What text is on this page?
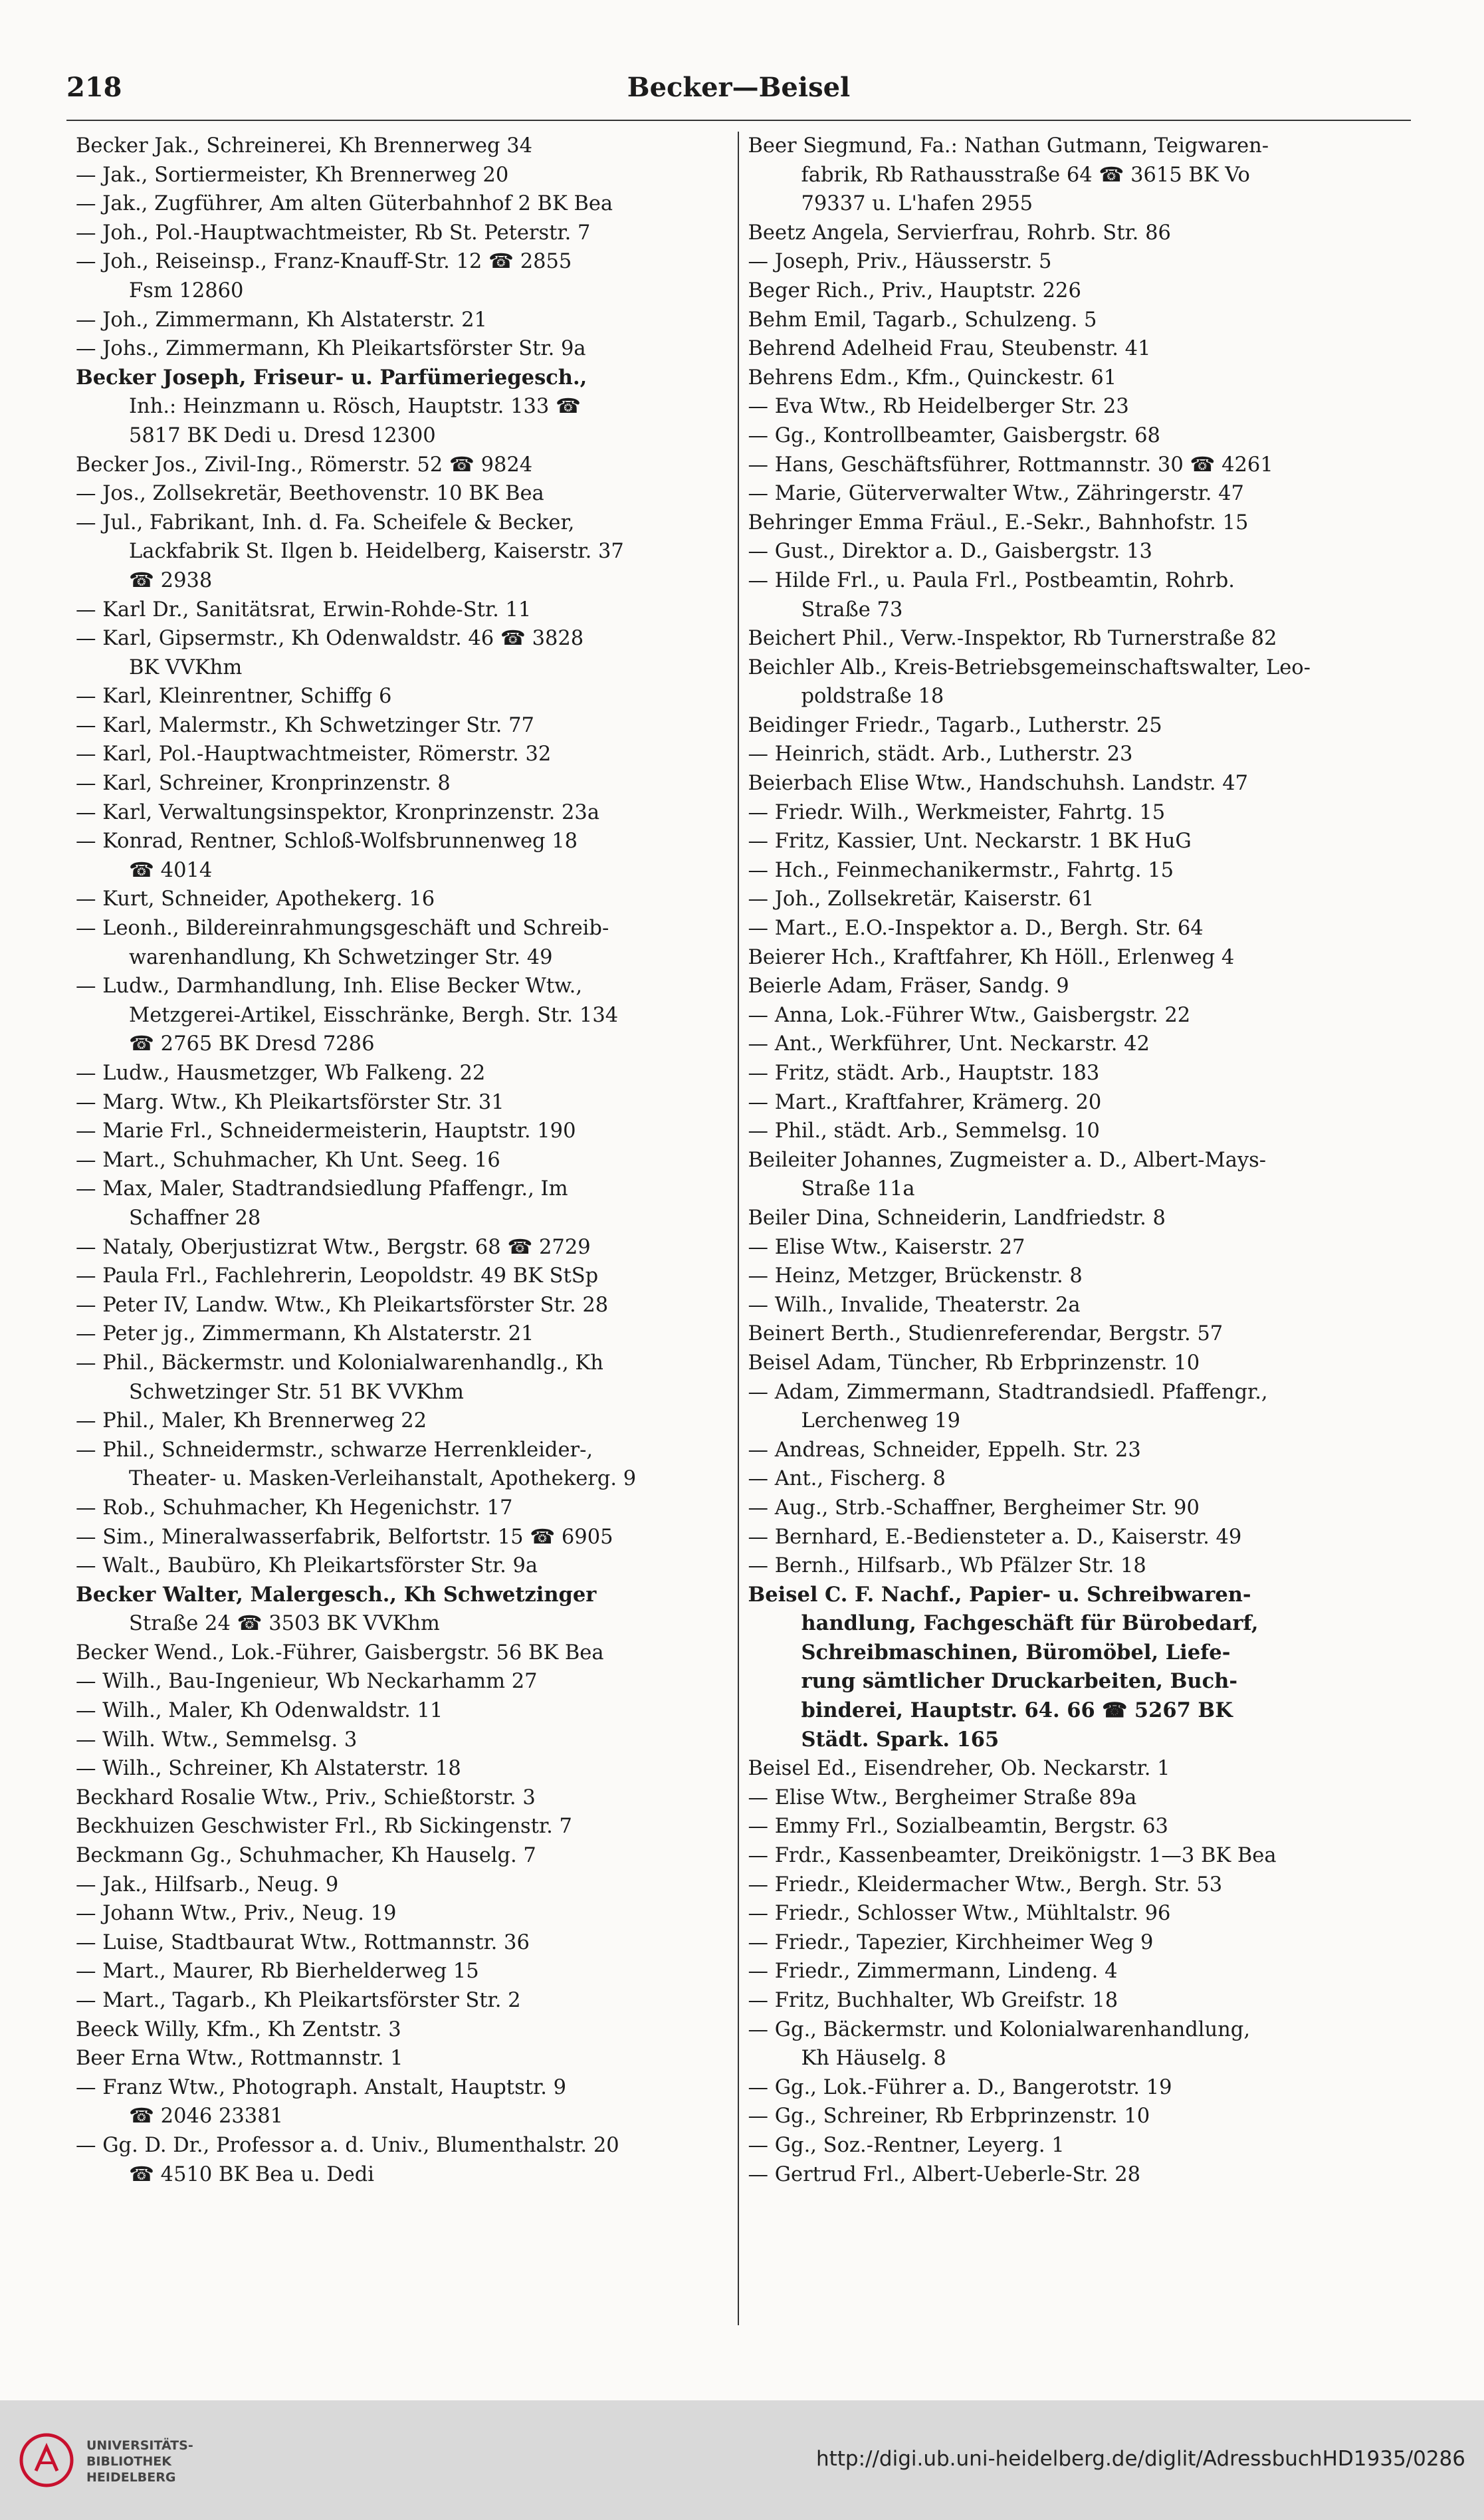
218	Becker—Beisel
Becker Jak., Schreinerei, Kh Brennerweg 34
— Jak., Sortiermeister, Kh Brennerweg 20
— Jak., Zugführer, Am alten Güterbahnhof 2 BK Bea
— Joh., Pol.-Hauptwachtmeister, Rb St. Peterstr. 7
— Joh., Reiseinsp., Franz-Knauff-Str. 12 ☎ 2855
Fsm 12860
— Joh., Zimmermann, Kh Alstaterstr. 21
— Johs., Zimmermann, Kh Pleikartsförster Str. 9a
Becker Joseph, Friseur- u. Parfümeriegesch.,
Inh.: Heinzmann u. Rösch, Hauptstr. 133 ☎
5817 BK Dedi u. Dresd 12300
Becker Jos., Zivil-Ing., Römerstr. 52 ☎ 9824
— Jos., Zollsekretär, Beethovenstr. 10 BK Bea
— Jul., Fabrikant, Inh. d. Fa. Scheifele & Becker,
Lackfabrik St. Ilgen b. Heidelberg, Kaiserstr. 37
☎ 2938
— Karl Dr., Sanitätsrat, Erwin-Rohde-Str. 11
— Karl, Gipsermstr., Kh Odenwaldstr. 46 ☎ 3828
BK VVKhm
— Karl, Kleinrentner, Schiffg 6
— Karl, Malermstr., Kh Schwetzinger Str. 77
— Karl, Pol.-Hauptwachtmeister, Römerstr. 32
— Karl, Schreiner, Kronprinzenstr. 8
— Karl, Verwaltungsinspektor, Kronprinzenstr. 23a
— Konrad, Rentner, Schloß-Wolfsbrunnenweg 18
☎ 4014
— Kurt, Schneider, Apothekerg. 16
— Leonh., Bildereinrahmungsgeschäft und Schreib-
warenhandlung, Kh Schwetzinger Str. 49
— Ludw., Darmhandlung, Inh. Elise Becker Wtw.,
Metzgerei-Artikel, Eisschränke, Bergh. Str. 134
☎ 2765 BK Dresd 7286
— Ludw., Hausmetzger, Wb Falkeng. 22
— Marg. Wtw., Kh Pleikartsförster Str. 31
— Marie Frl., Schneidermeisterin, Hauptstr. 190
— Mart., Schuhmacher, Kh Unt. Seeg. 16
— Max, Maler, Stadtrandsiedlung Pfaffengr., Im
Schaffner 28
— Nataly, Oberjustizrat Wtw., Bergstr. 68 ☎ 2729
— Paula Frl., Fachlehrerin, Leopoldstr. 49 BK StSp
— Peter IV, Landw. Wtw., Kh Pleikartsförster Str. 28
— Peter jg., Zimmermann, Kh Alstaterstr. 21
— Phil., Bäckermstr. und Kolonialwarenhandlg., Kh
Schwetzinger Str. 51 BK VVKhm
— Phil., Maler, Kh Brennerweg 22
— Phil., Schneidermstr., schwarze Herrenkleider-,
Theater- u. Masken-Verleihanstalt, Apothekerg. 9
— Rob., Schuhmacher, Kh Hegenichstr. 17
— Sim., Mineralwasserfabrik, Belfortstr. 15 ☎ 6905
— Walt., Baubüro, Kh Pleikartsförster Str. 9a
Becker Walter, Malergesch., Kh Schwetzinger
Straße 24 ☎ 3503 BK VVKhm
Becker Wend., Lok.-Führer, Gaisbergstr. 56 BK Bea
— Wilh., Bau-Ingenieur, Wb Neckarhamm 27
— Wilh., Maler, Kh Odenwaldstr. 11
— Wilh. Wtw., Semmelsg. 3
— Wilh., Schreiner, Kh Alstaterstr. 18
Beckhard Rosalie Wtw., Priv., Schießtorstr. 3
Beckhuizen Geschwister Frl., Rb Sickingenstr. 7
Beckmann Gg., Schuhmacher, Kh Hauselg. 7
— Jak., Hilfsarb., Neug. 9
— Johann Wtw., Priv., Neug. 19
— Luise, Stadtbaurat Wtw., Rottmannstr. 36
— Mart., Maurer, Rb Bierhelderweg 15
— Mart., Tagarb., Kh Pleikartsförster Str. 2
Beeck Willy, Kfm., Kh Zentstr. 3
Beer Erna Wtw., Rottmannstr. 1
— Franz Wtw., Photograph. Anstalt, Hauptstr. 9
☎ 2046 23381
— Gg. D. Dr., Professor a. d. Univ., Blumenthalstr. 20
☎ 4510 BK Bea u. Dedi
Beer Siegmund, Fa.: Nathan Gutmann, Teigwaren-
fabrik, Rb Rathausstraße 64 ☎ 3615 BK Vo
79337 u. L'hafen 2955
Beetz Angela, Servierfrau, Rohrb. Str. 86
— Joseph, Priv., Häusserstr. 5
Beger Rich., Priv., Hauptstr. 226
Behm Emil, Tagarb., Schulzeng. 5
Behrend Adelheid Frau, Steubenstr. 41
Behrens Edm., Kfm., Quinckestr. 61
— Eva Wtw., Rb Heidelberger Str. 23
— Gg., Kontrollbeamter, Gaisbergstr. 68
— Hans, Geschäftsführer, Rottmannstr. 30 ☎ 4261
— Marie, Güterverwalter Wtw., Zähringerstr. 47
Behringer Emma Fräul., E.-Sekr., Bahnhofstr. 15
— Gust., Direktor a. D., Gaisbergstr. 13
— Hilde Frl., u. Paula Frl., Postbeamtin, Rohrb.
Straße 73
Beichert Phil., Verw.-Inspektor, Rb Turnerstraße 82
Beichler Alb., Kreis-Betriebsgemeinschaftswalter, Leo-
poldstraße 18
Beidinger Friedr., Tagarb., Lutherstr. 25
— Heinrich, städt. Arb., Lutherstr. 23
Beierbach Elise Wtw., Handschuhsh. Landstr. 47
— Friedr. Wilh., Werkmeister, Fahrtg. 15
— Fritz, Kassier, Unt. Neckarstr. 1 BK HuG
— Hch., Feinmechanikermstr., Fahrtg. 15
— Joh., Zollsekretär, Kaiserstr. 61
— Mart., E.O.-Inspektor a. D., Bergh. Str. 64
Beierer Hch., Kraftfahrer, Kh Höll., Erlenweg 4
Beierle Adam, Fräser, Sandg. 9
— Anna, Lok.-Führer Wtw., Gaisbergstr. 22
— Ant., Werkführer, Unt. Neckarstr. 42
— Fritz, städt. Arb., Hauptstr. 183
— Mart., Kraftfahrer, Krämerg. 20
— Phil., städt. Arb., Semmelsg. 10
Beileiter Johannes, Zugmeister a. D., Albert-Mays-
Straße 11a
Beiler Dina, Schneiderin, Landfriedstr. 8
— Elise Wtw., Kaiserstr. 27
— Heinz, Metzger, Brückenstr. 8
— Wilh., Invalide, Theaterstr. 2a
Beinert Berth., Studienreferendar, Bergstr. 57
Beisel Adam, Tüncher, Rb Erbprinzenstr. 10
— Adam, Zimmermann, Stadtrandsiedl. Pfaffengr.,
Lerchenweg 19
— Andreas, Schneider, Eppelh. Str. 23
— Ant., Fischerg. 8
— Aug., Strb.-Schaffner, Bergheimer Str. 90
— Bernhard, E.-Bediensteter a. D., Kaiserstr. 49
— Bernh., Hilfsarb., Wb Pfälzer Str. 18
Beisel C. F. Nachf., Papier- u. Schreibwaren-
handlung, Fachgeschäft für Bürobedarf,
Schreibmaschinen, Büromöbel, Liefe-
rung sämtlicher Druckarbeiten, Buch-
binderei, Hauptstr. 64. 66 ☎ 5267 BK
Städt. Spark. 165
Beisel Ed., Eisendreher, Ob. Neckarstr. 1
— Elise Wtw., Bergheimer Straße 89a
— Emmy Frl., Sozialbeamtin, Bergstr. 63
— Frdr., Kassenbeamter, Dreikönigstr. 1—3 BK Bea
— Friedr., Kleidermacher Wtw., Bergh. Str. 53
— Friedr., Schlosser Wtw., Mühltalstr. 96
— Friedr., Tapezier, Kirchheimer Weg 9
— Friedr., Zimmermann, Lindeng. 4
— Fritz, Buchhalter, Wb Greifstr. 18
— Gg., Bäckermstr. und Kolonialwarenhandlung,
Kh Häuselg. 8
— Gg., Lok.-Führer a. D., Bangerotstr. 19
— Gg., Schreiner, Rb Erbprinzenstr. 10
— Gg., Soz.-Rentner, Leyerg. 1
— Gertrud Frl., Albert-Ueberle-Str. 28
UNIVERSITÄTS-
BIBLIOTHEK
HEIDELBERG
http://digi.ub.uni-heidelberg.de/diglit/AdressbuchHD1935/0286
